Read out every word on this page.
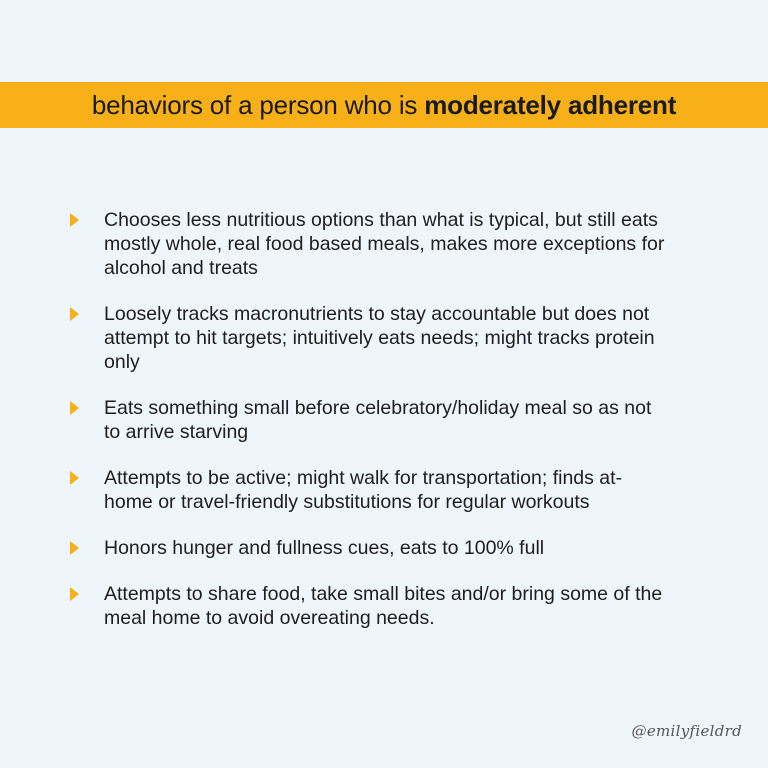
behaviors of a person who is moderately adherent
Chooses less nutritious options than what is typical, but still eats mostly whole, real food based meals, makes more exceptions for alcohol and treats
Loosely tracks macronutrients to stay accountable but does not attempt to hit targets; intuitively eats needs; might tracks protein only
Eats something small before celebratory/holiday meal so as not to arrive starving
Attempts to be active; might walk for transportation; finds at-home or travel-friendly substitutions for regular workouts
Honors hunger and fullness cues, eats to 100% full
Attempts to share food, take small bites and/or bring some of the meal home to avoid overeating needs.
@emilyfieldrd
